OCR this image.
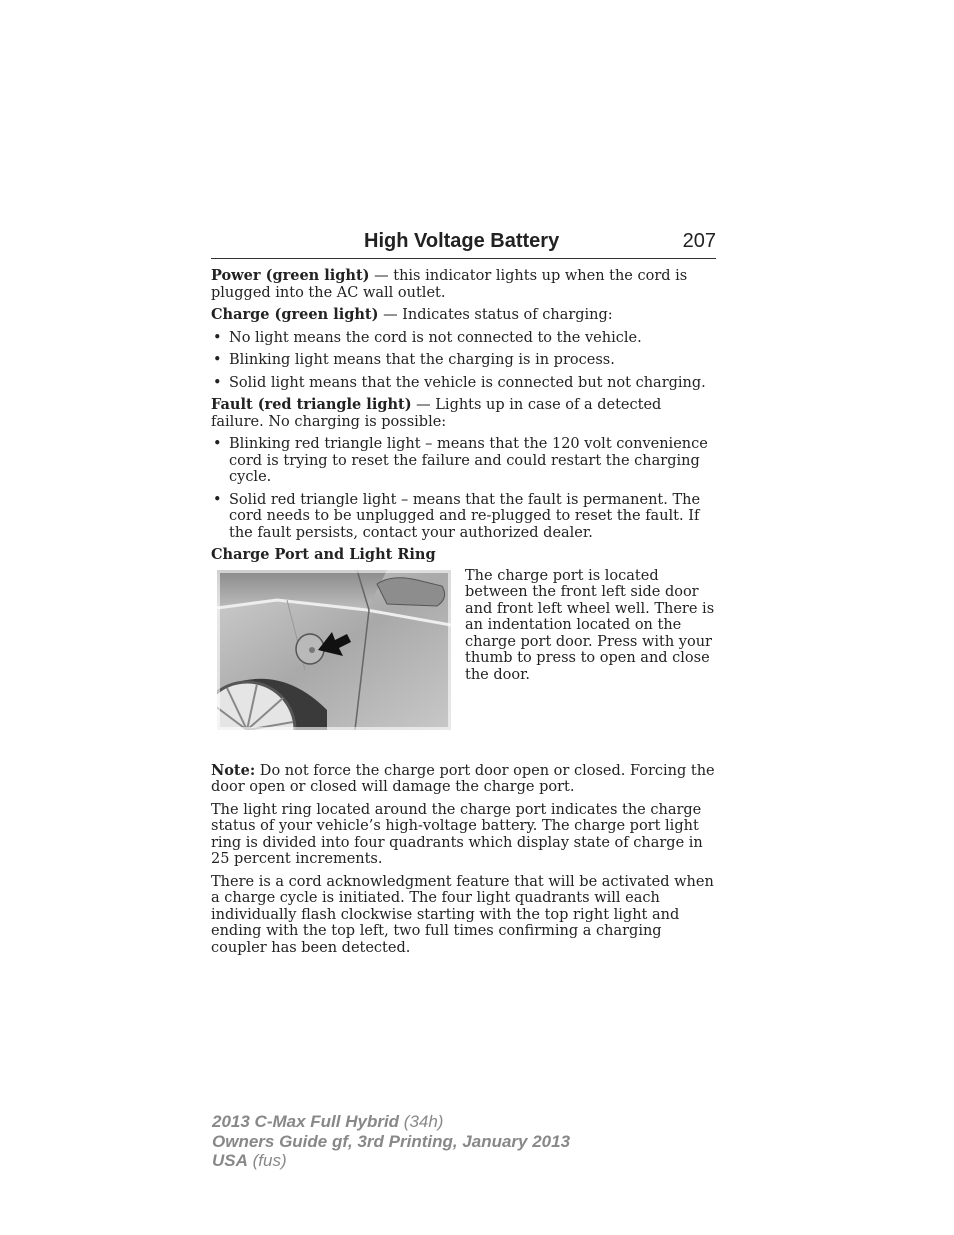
High Voltage Battery	207

Power (green light) — this indicator lights up when the cord is plugged into the AC wall outlet.

Charge (green light) — Indicates status of charging:

• No light means the cord is not connected to the vehicle.
• Blinking light means that the charging is in process.
• Solid light means that the vehicle is connected but not charging.

Fault (red triangle light) — Lights up in case of a detected failure. No charging is possible:

• Blinking red triangle light – means that the 120 volt convenience cord is trying to reset the failure and could restart the charging cycle.
• Solid red triangle light – means that the fault is permanent. The cord needs to be unplugged and re-plugged to reset the fault. If the fault persists, contact your authorized dealer.

Charge Port and Light Ring

The charge port is located between the front left side door and front left wheel well. There is an indentation located on the charge port door. Press with your thumb to press to open and close the door.

Note: Do not force the charge port door open or closed. Forcing the door open or closed will damage the charge port.

The light ring located around the charge port indicates the charge status of your vehicle’s high-voltage battery. The charge port light ring is divided into four quadrants which display state of charge in 25 percent increments.

There is a cord acknowledgment feature that will be activated when a charge cycle is initiated. The four light quadrants will each individually flash clockwise starting with the top right light and ending with the top left, two full times confirming a charging coupler has been detected.

2013 C-Max Full Hybrid (34h)
Owners Guide gf, 3rd Printing, January 2013
USA (fus)
